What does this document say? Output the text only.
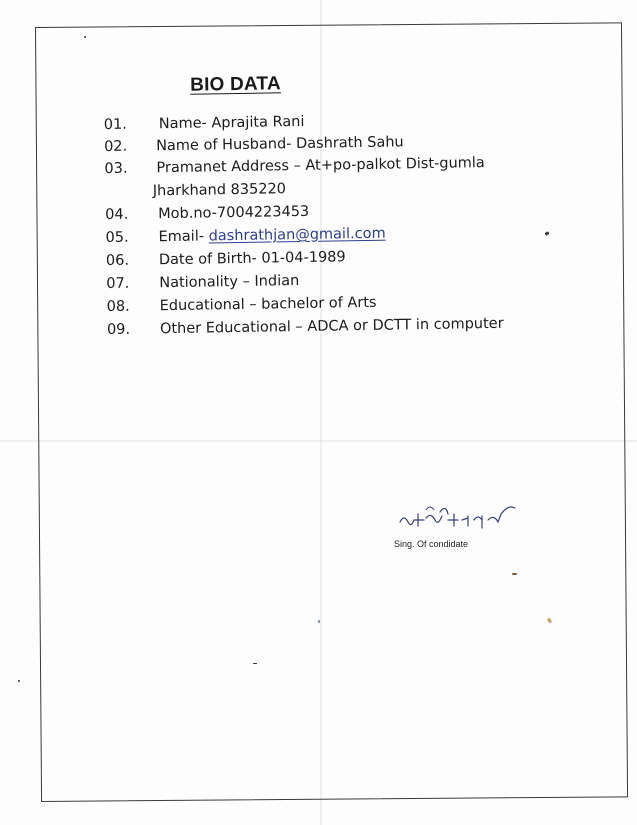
BIO DATA
01.	Name- Aprajita Rani
02.	Name of Husband- Dashrath Sahu
03.	Pramanet Address – At+po-palkot Dist-gumla
Jharkhand 835220
04.	Mob.no-7004223453
05.	Email- dashrathjan@gmail.com
06.	Date of Birth- 01-04-1989
07.	Nationality – Indian
08.	Educational – bachelor of Arts
09.	Other Educational – ADCA or DCTT in computer
Sing. Of condidate
